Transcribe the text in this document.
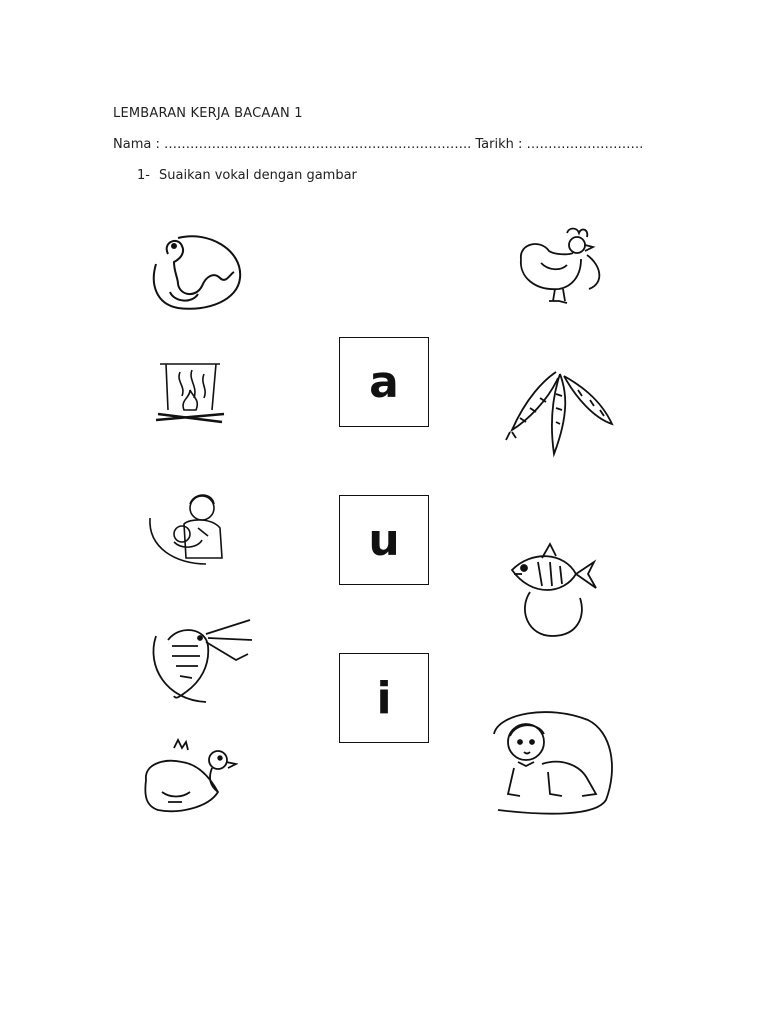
LEMBARAN KERJA BACAAN 1
Nama : …………………………………………………………….. Tarikh : ………………………
1- Suaikan vokal dengan gambar
a
u
i
